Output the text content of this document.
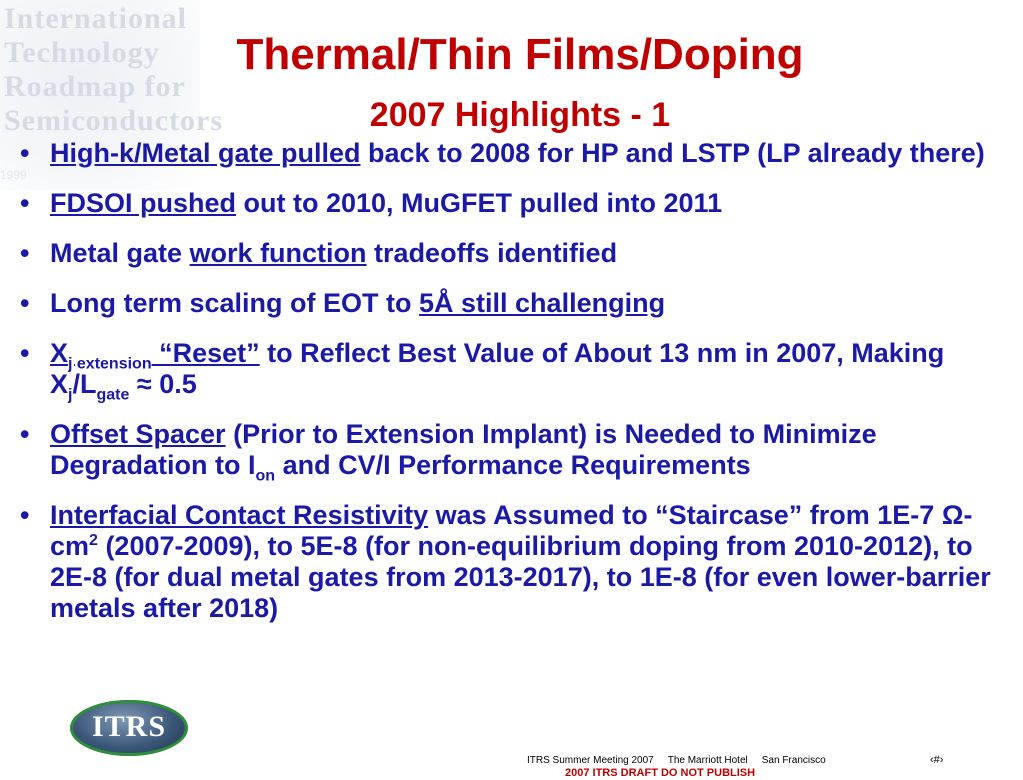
International
Technology
Roadmap for
Semiconductors
1999
Thermal/Thin Films/Doping
2007 Highlights - 1
• High-k/Metal gate pulled back to 2008 for HP and LSTP (LP already there)
• FDSOI pushed out to 2010, MuGFET pulled into 2011
• Metal gate work function tradeoffs identified
• Long term scaling of EOT to 5Å still challenging
• $X_{j extension}$ “Reset” to Reflect Best Value of About 13 nm in 2007, Making $X_j/L_{gate} \approx 0.5$
• Offset Spacer (Prior to Extension Implant) is Needed to Minimize Degradation to $I_{on}$ and CV/I Performance Requirements
• Interfacial Contact Resistivity was Assumed to “Staircase” from 1E-7 $\Omega-cm^2$ (2007-2009), to 5E-8 (for non-equilibrium doping from 2010-2012), to 2E-8 (for dual metal gates from 2013-2017), to 1E-8 (for even lower-barrier metals after 2018)
ITRS
ITRS Summer Meeting 2007 The Marriott Hotel San Francisco	‹#›
2007 ITRS DRAFT DO NOT PUBLISH
